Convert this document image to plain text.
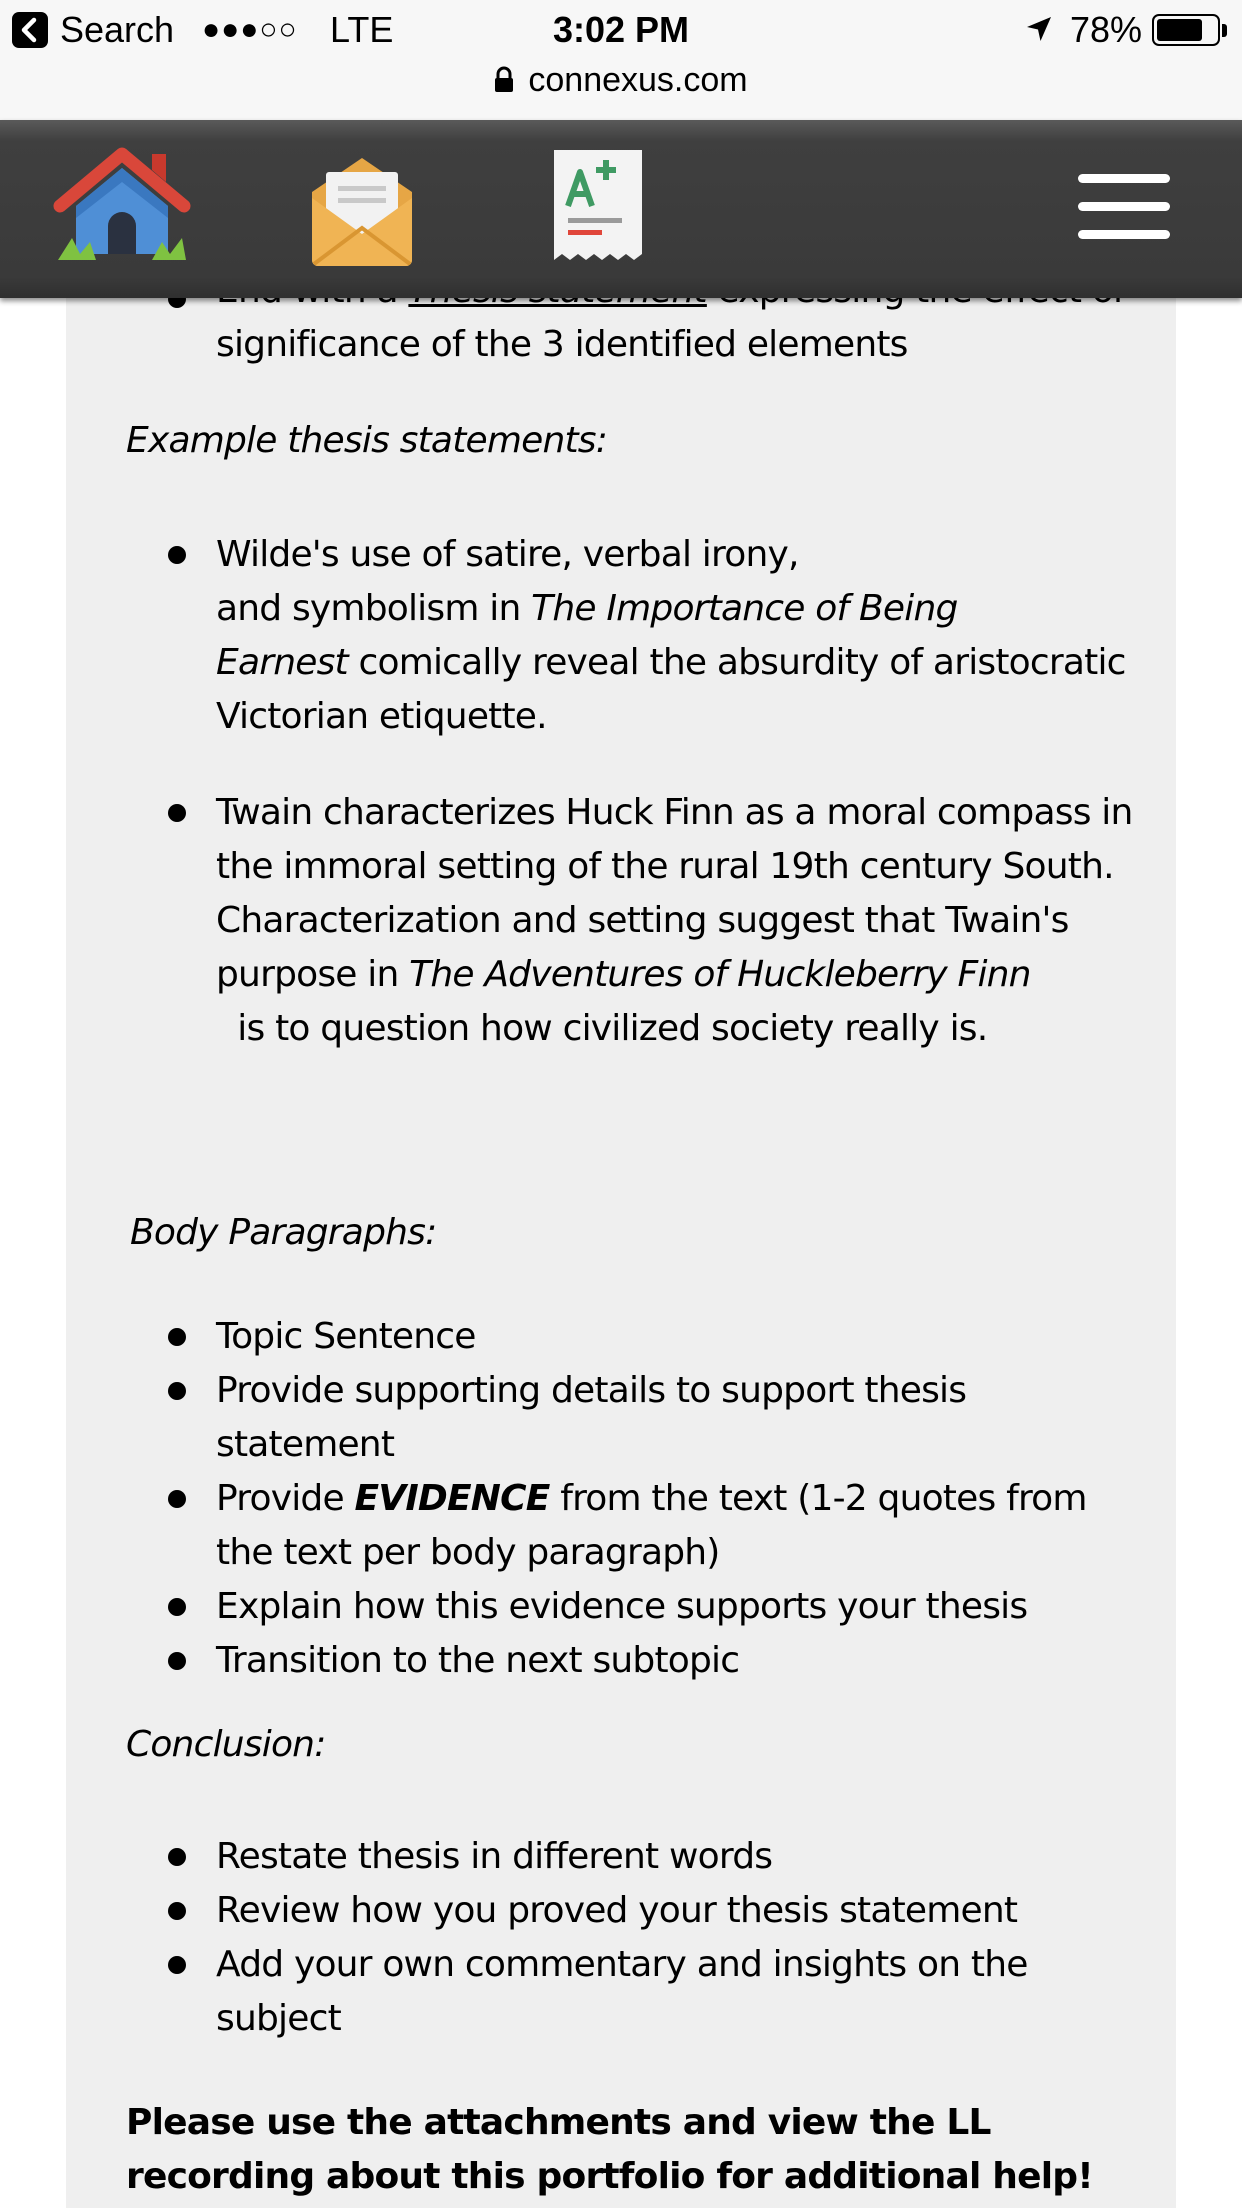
Search ●●●○○ LTE	3:02 PM	78%
connexus.com
significance of the 3 identified elements
Example thesis statements:
Wilde's use of satire, verbal irony,
and symbolism in The Importance of Being
Earnest comically reveal the absurdity of aristocratic Victorian etiquette.
Twain characterizes Huck Finn as a moral compass in the immoral setting of the rural 19th century South. Characterization and setting suggest that Twain's purpose in The Adventures of Huckleberry Finn  is to question how civilized society really is.
Body Paragraphs:
Topic Sentence
Provide supporting details to support thesis statement
Provide EVIDENCE from the text (1-2 quotes from the text per body paragraph)
Explain how this evidence supports your thesis
Transition to the next subtopic
Conclusion:
Restate thesis in different words
Review how you proved your thesis statement
Add your own commentary and insights on the subject
Please use the attachments and view the LL recording about this portfolio for additional help!
